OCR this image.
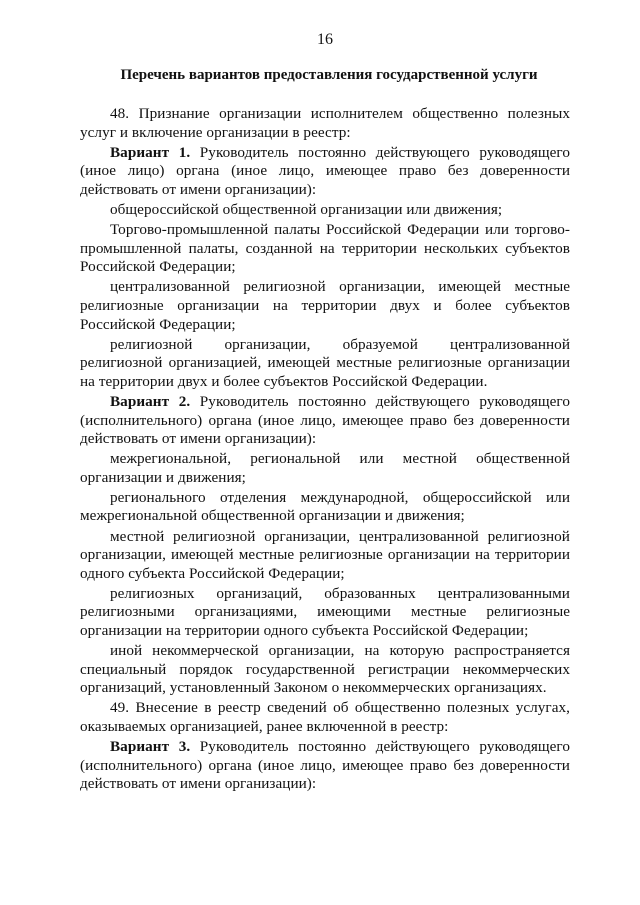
16
Перечень вариантов предоставления государственной услуги

48. Признание организации исполнителем общественно полезных услуг и включение организации в реестр:

Вариант 1. Руководитель постоянно действующего руководящего (иное лицо) органа (иное лицо, имеющее право без доверенности действовать от имени организации):

общероссийской общественной организации или движения;

Торгово-промышленной палаты Российской Федерации или торгово-промышленной палаты, созданной на территории нескольких субъектов Российской Федерации;

централизованной религиозной организации, имеющей местные религиозные организации на территории двух и более субъектов Российской Федерации;

религиозной организации, образуемой централизованной религиозной организацией, имеющей местные религиозные организации на территории двух и более субъектов Российской Федерации.

Вариант 2. Руководитель постоянно действующего руководящего (исполнительного) органа (иное лицо, имеющее право без доверенности действовать от имени организации):

межрегиональной, региональной или местной общественной организации и движения;

регионального отделения международной, общероссийской или межрегиональной общественной организации и движения;

местной религиозной организации, централизованной религиозной организации, имеющей местные религиозные организации на территории одного субъекта Российской Федерации;

религиозных организаций, образованных централизованными религиозными организациями, имеющими местные религиозные организации на территории одного субъекта Российской Федерации;

иной некоммерческой организации, на которую распространяется специальный порядок государственной регистрации некоммерческих организаций, установленный Законом о некоммерческих организациях.

49. Внесение в реестр сведений об общественно полезных услугах, оказываемых организацией, ранее включенной в реестр:

Вариант 3. Руководитель постоянно действующего руководящего (исполнительного) органа (иное лицо, имеющее право без доверенности действовать от имени организации):
